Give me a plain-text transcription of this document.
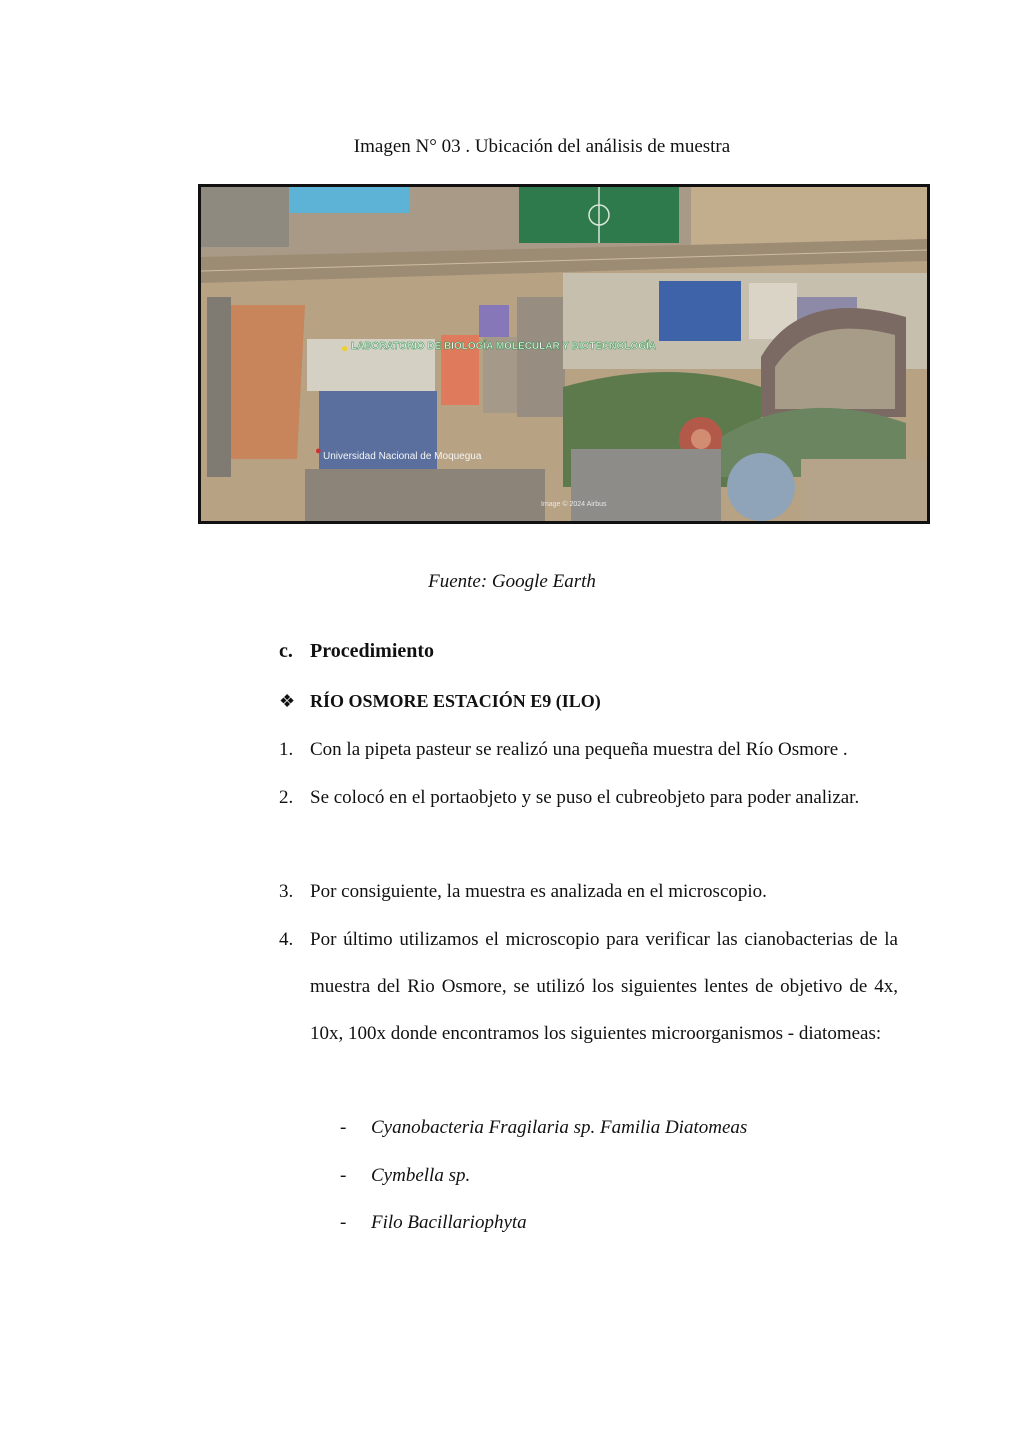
Imagen N° 03 . Ubicación del análisis de muestra
LABORATORIO DE BIOLOGÍA MOLECULAR Y BIOTECNOLOGÍA
●
Universidad Nacional de Moquegua
●
Image © 2024 Airbus
Fuente: Google Earth
c. Procedimiento
❖ RÍO OSMORE ESTACIÓN E9 (ILO)
1. Con la pipeta pasteur se realizó una pequeña muestra del Río Osmore .
2. Se colocó en el portaobjeto y se puso el cubreobjeto para poder analizar.
3. Por consiguiente, la muestra es analizada en el microscopio.
4. Por último utilizamos el microscopio para verificar las cianobacterias de la muestra del Rio Osmore, se utilizó los siguientes lentes de objetivo de 4x, 10x, 100x donde encontramos los siguientes microorganismos - diatomeas:
- Cyanobacteria Fragilaria sp. Familia Diatomeas
- Cymbella sp.
- Filo Bacillariophyta
